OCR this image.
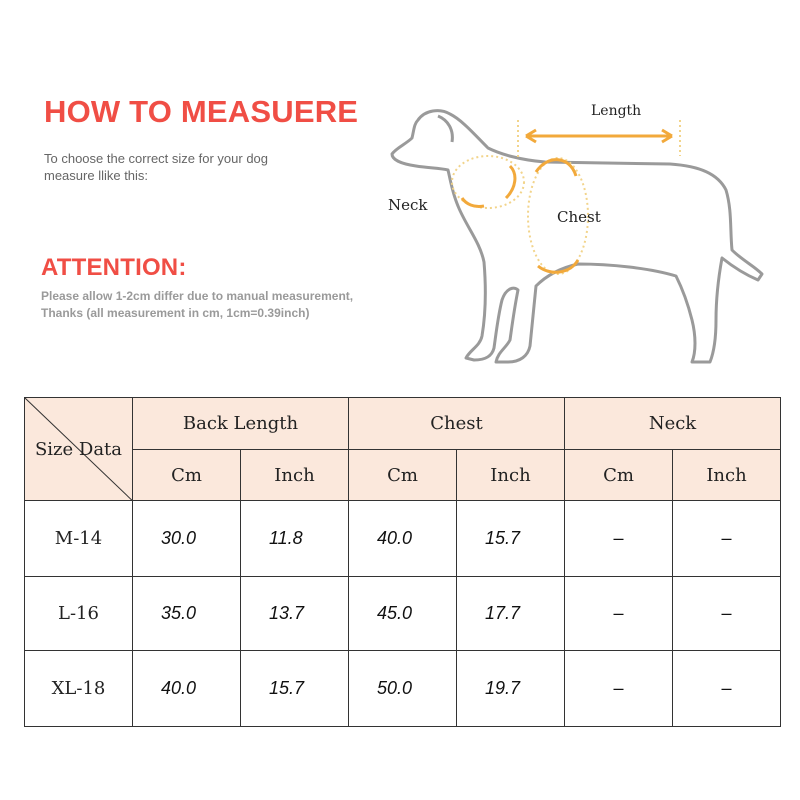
HOW TO MEASUERE
To choose the correct size for your dog
measure llike this:
ATTENTION:
Please allow 1-2cm differ due to manual measurement,
Thanks (all measurement in cm, 1cm=0.39inch)
Length
Neck
Chest
Size Data	Back Length		Chest		Neck	
	Cm	Inch	Cm	Inch	Cm	Inch
M-14	30.0	11.8	40.0	15.7	–	–
L-16	35.0	13.7	45.0	17.7	–	–
XL-18	40.0	15.7	50.0	19.7	–	–
